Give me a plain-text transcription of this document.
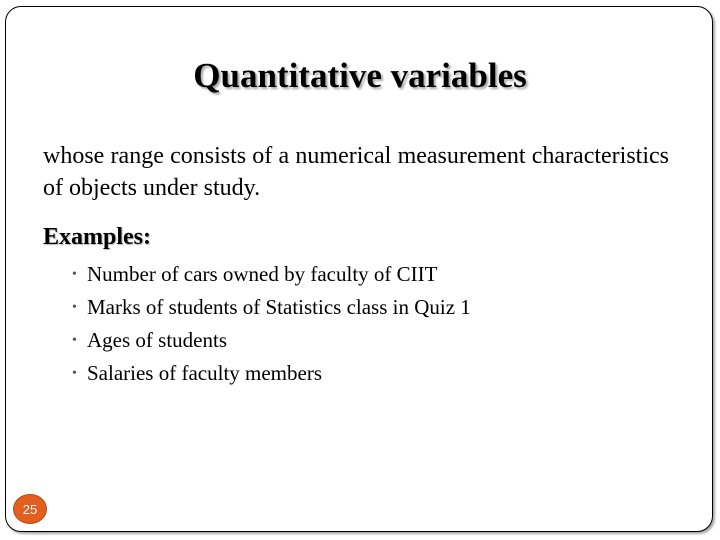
Quantitative variables
whose range consists of a numerical measurement characteristics of objects under study.
Examples:
• Number of cars owned by faculty of CIIT
• Marks of students of Statistics class in Quiz 1
• Ages of students
• Salaries of faculty members
25
